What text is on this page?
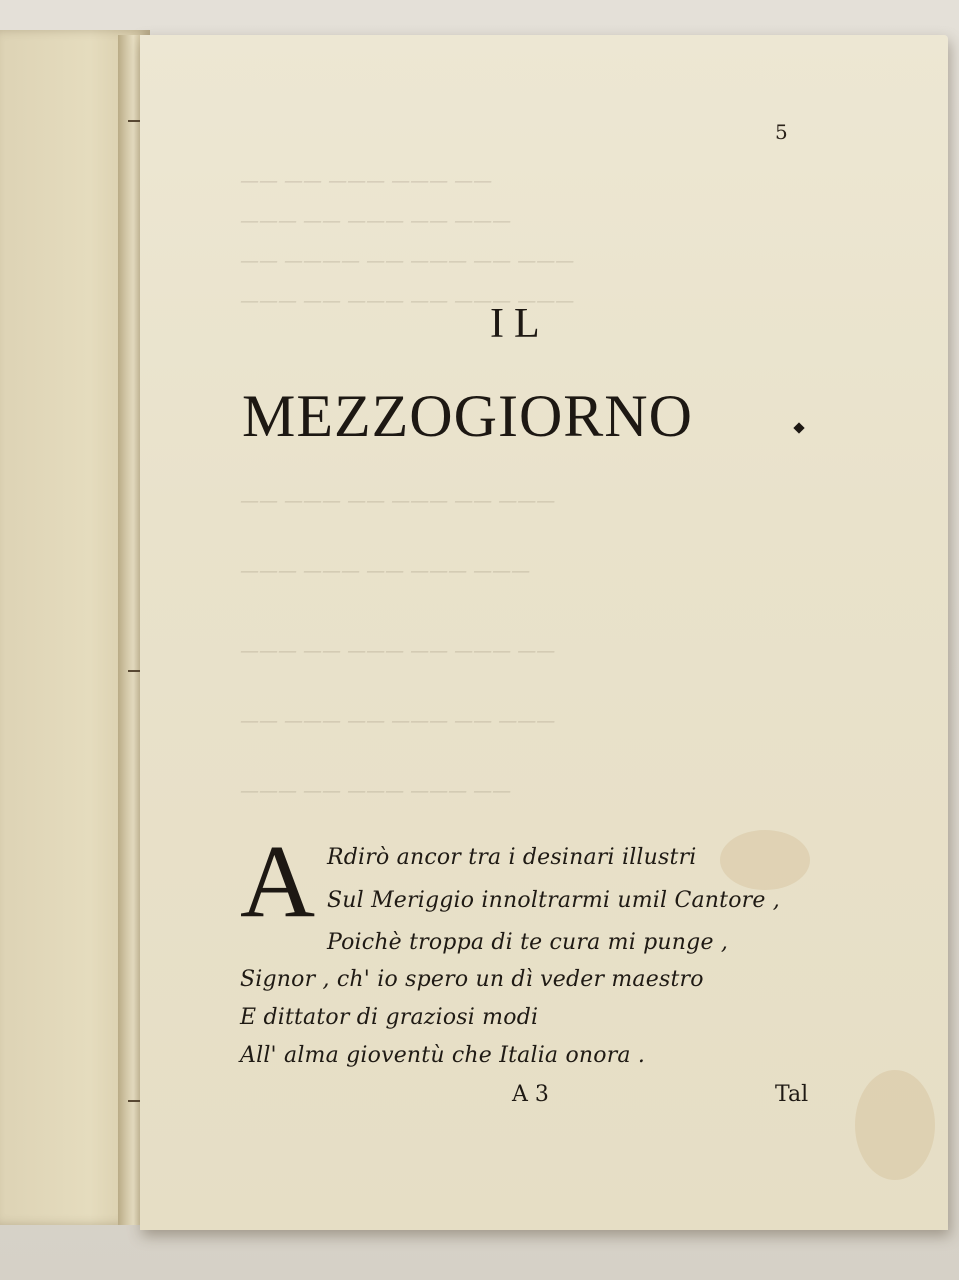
—— —— ——— ——— ——
——— —— ——— —— ———
—— ———— —— ——— —— ———
——— —— ——— —— ——— ———
—— ——— —— ——— —— ———
——— ——— —— ——— ———
——— —— ——— —— ——— ——
—— ——— —— ——— —— ———
——— —— ——— ——— ——
5
IL
MEZZOGIORNO
A Rdirò ancor tra i desinari illustri
Sul Meriggio innoltrarmi umil Cantore ,
Poichè troppa di te cura mi punge ,
Signor , ch' io spero un dì veder maestro
E dittator di graziosi modi
All' alma gioventù che Italia onora .
A 3	Tal
